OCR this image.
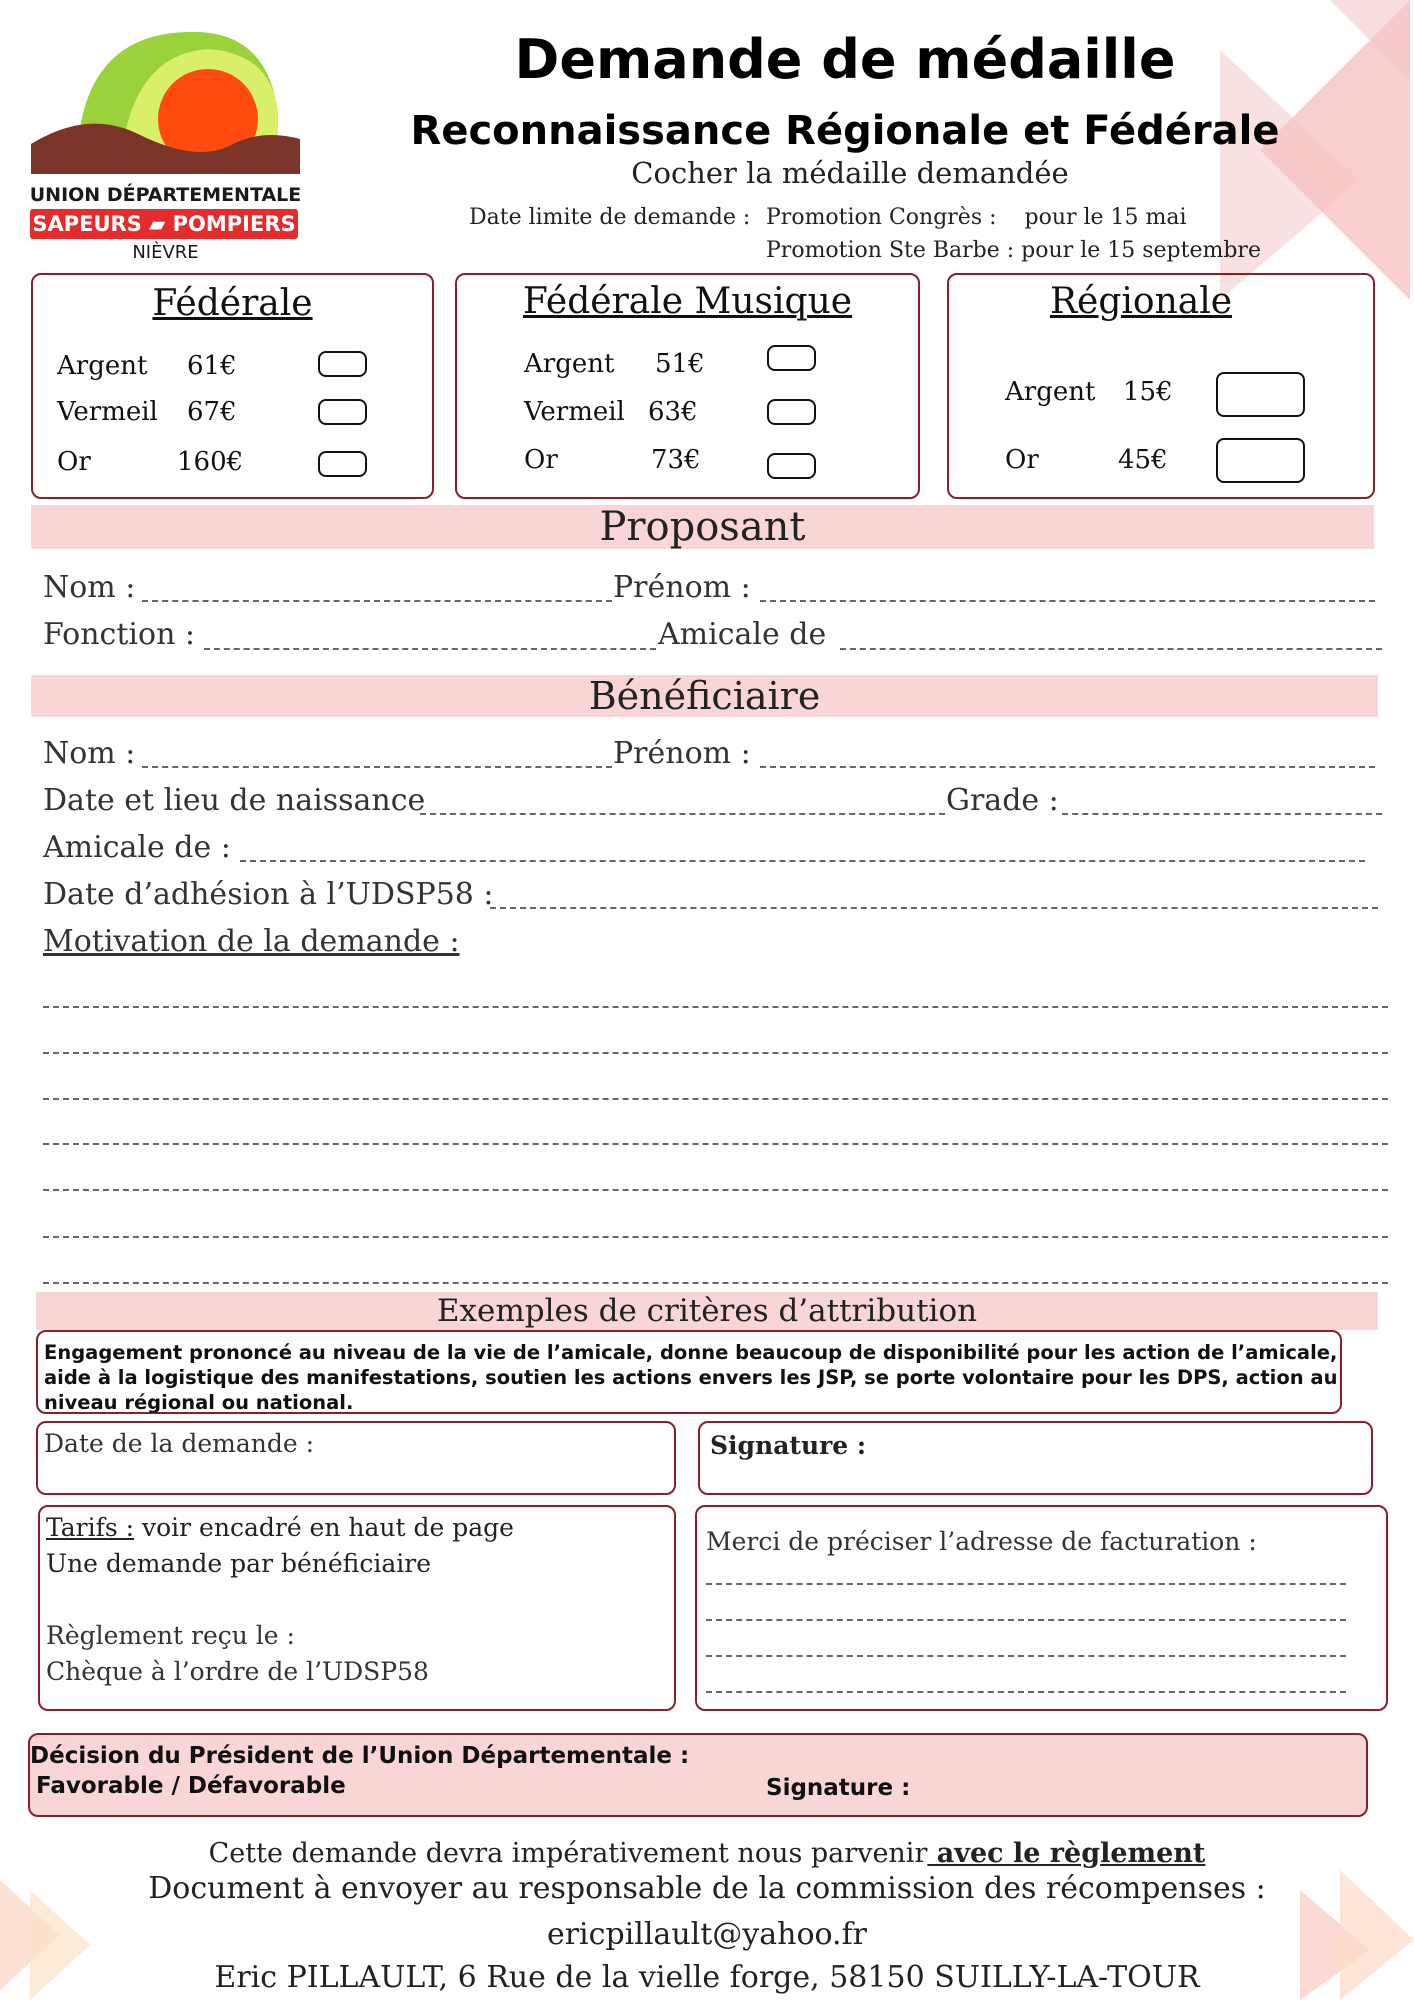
UNION DÉPARTEMENTALE
SAPEURS ▰ POMPIERS
NIÈVRE
Demande de médaille
Reconnaissance Régionale et Fédérale
Cocher la médaille demandée
Date limite de demande : Promotion Congrès :    pour le 15 mai
Promotion Ste Barbe : pour le 15 septembre
Fédérale
Argent 61€
Vermeil 67€
Or	160€
Fédérale Musique
Argent 51€
Vermeil 63€
Or	73€
Régionale
Argent 15€
Or	45€
Proposant
Nom :	Prénom :
Fonction :	Amicale de
Bénéficiaire
Nom :	Prénom :
Date et lieu de naissance	Grade :
Amicale de :
Date d’adhésion à l’UDSP58 :
Motivation de la demande :
Exemples de critères d’attribution
Engagement prononcé au niveau de la vie de l’amicale, donne beaucoup de disponibilité pour les action de l’amicale, aide à la logistique des manifestations, soutien les actions envers les JSP, se porte volontaire pour les DPS, action au niveau régional ou national.
Date de la demande :	Signature :
Tarifs : voir encadré en haut de page
Une demande par bénéficiaire
Règlement reçu le :
Chèque à l’ordre de l’UDSP58
Merci de préciser l’adresse de facturation :
Décision du Président de l’Union Départementale :
Favorable / Défavorable	Signature :
Cette demande devra impérativement nous parvenir avec le règlement
Document à envoyer au responsable de la commission des récompenses :
ericpillault@yahoo.fr
Eric PILLAULT, 6 Rue de la vielle forge, 58150 SUILLY-LA-TOUR
